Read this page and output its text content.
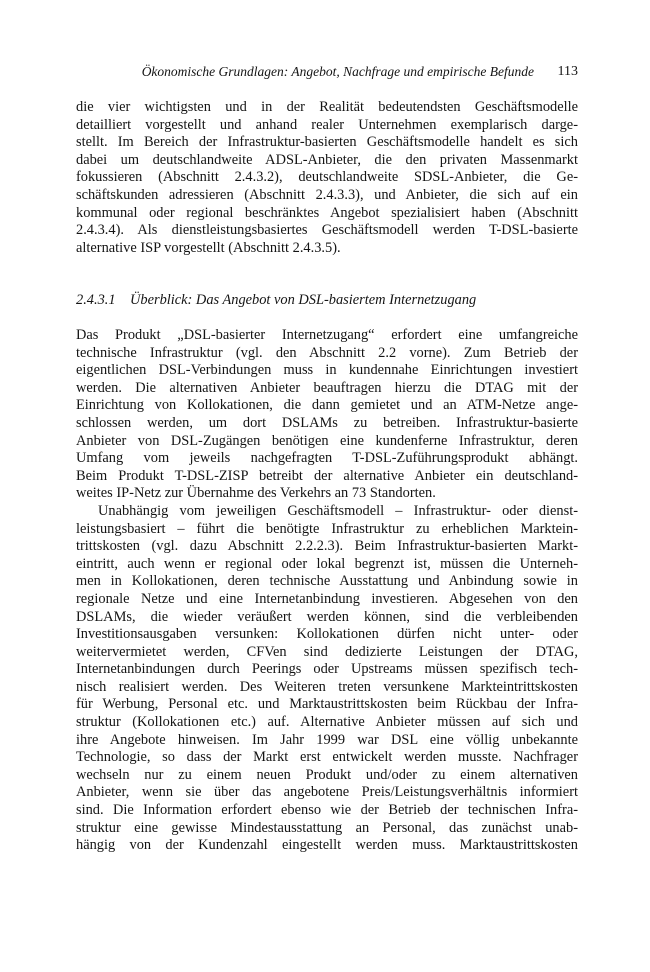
Ökonomische Grundlagen: Angebot, Nachfrage und empirische Befunde 113
die vier wichtigsten und in der Realität bedeutendsten Geschäftsmodelle
detailliert vorgestellt und anhand realer Unternehmen exemplarisch darge-
stellt. Im Bereich der Infrastruktur-basierten Geschäftsmodelle handelt es sich
dabei um deutschlandweite ADSL-Anbieter, die den privaten Massenmarkt
fokussieren (Abschnitt 2.4.3.2), deutschlandweite SDSL-Anbieter, die Ge-
schäftskunden adressieren (Abschnitt 2.4.3.3), und Anbieter, die sich auf ein
kommunal oder regional beschränktes Angebot spezialisiert haben (Abschnitt
2.4.3.4). Als dienstleistungsbasiertes Geschäftsmodell werden T-DSL-basierte
alternative ISP vorgestellt (Abschnitt 2.4.3.5).
2.4.3.1 Überblick: Das Angebot von DSL-basiertem Internetzugang
Das Produkt „DSL-basierter Internetzugang“ erfordert eine umfangreiche
technische Infrastruktur (vgl. den Abschnitt 2.2 vorne). Zum Betrieb der
eigentlichen DSL-Verbindungen muss in kundennahe Einrichtungen investiert
werden. Die alternativen Anbieter beauftragen hierzu die DTAG mit der
Einrichtung von Kollokationen, die dann gemietet und an ATM-Netze ange-
schlossen werden, um dort DSLAMs zu betreiben. Infrastruktur-basierte
Anbieter von DSL-Zugängen benötigen eine kundenferne Infrastruktur, deren
Umfang vom jeweils nachgefragten T-DSL-Zuführungsprodukt abhängt.
Beim Produkt T-DSL-ZISP betreibt der alternative Anbieter ein deutschland-
weites IP-Netz zur Übernahme des Verkehrs an 73 Standorten.
Unabhängig vom jeweiligen Geschäftsmodell – Infrastruktur- oder dienst-
leistungsbasiert – führt die benötigte Infrastruktur zu erheblichen Marktein-
trittskosten (vgl. dazu Abschnitt 2.2.2.3). Beim Infrastruktur-basierten Markt-
eintritt, auch wenn er regional oder lokal begrenzt ist, müssen die Unterneh-
men in Kollokationen, deren technische Ausstattung und Anbindung sowie in
regionale Netze und eine Internetanbindung investieren. Abgesehen von den
DSLAMs, die wieder veräußert werden können, sind die verbleibenden
Investitionsausgaben versunken: Kollokationen dürfen nicht unter- oder
weitervermietet werden, CFVen sind dedizierte Leistungen der DTAG,
Internetanbindungen durch Peerings oder Upstreams müssen spezifisch tech-
nisch realisiert werden. Des Weiteren treten versunkene Markteintrittskosten
für Werbung, Personal etc. und Marktaustrittskosten beim Rückbau der Infra-
struktur (Kollokationen etc.) auf. Alternative Anbieter müssen auf sich und
ihre Angebote hinweisen. Im Jahr 1999 war DSL eine völlig unbekannte
Technologie, so dass der Markt erst entwickelt werden musste. Nachfrager
wechseln nur zu einem neuen Produkt und/oder zu einem alternativen
Anbieter, wenn sie über das angebotene Preis/Leistungsverhältnis informiert
sind. Die Information erfordert ebenso wie der Betrieb der technischen Infra-
struktur eine gewisse Mindestausstattung an Personal, das zunächst unab-
hängig von der Kundenzahl eingestellt werden muss. Marktaustrittskosten
